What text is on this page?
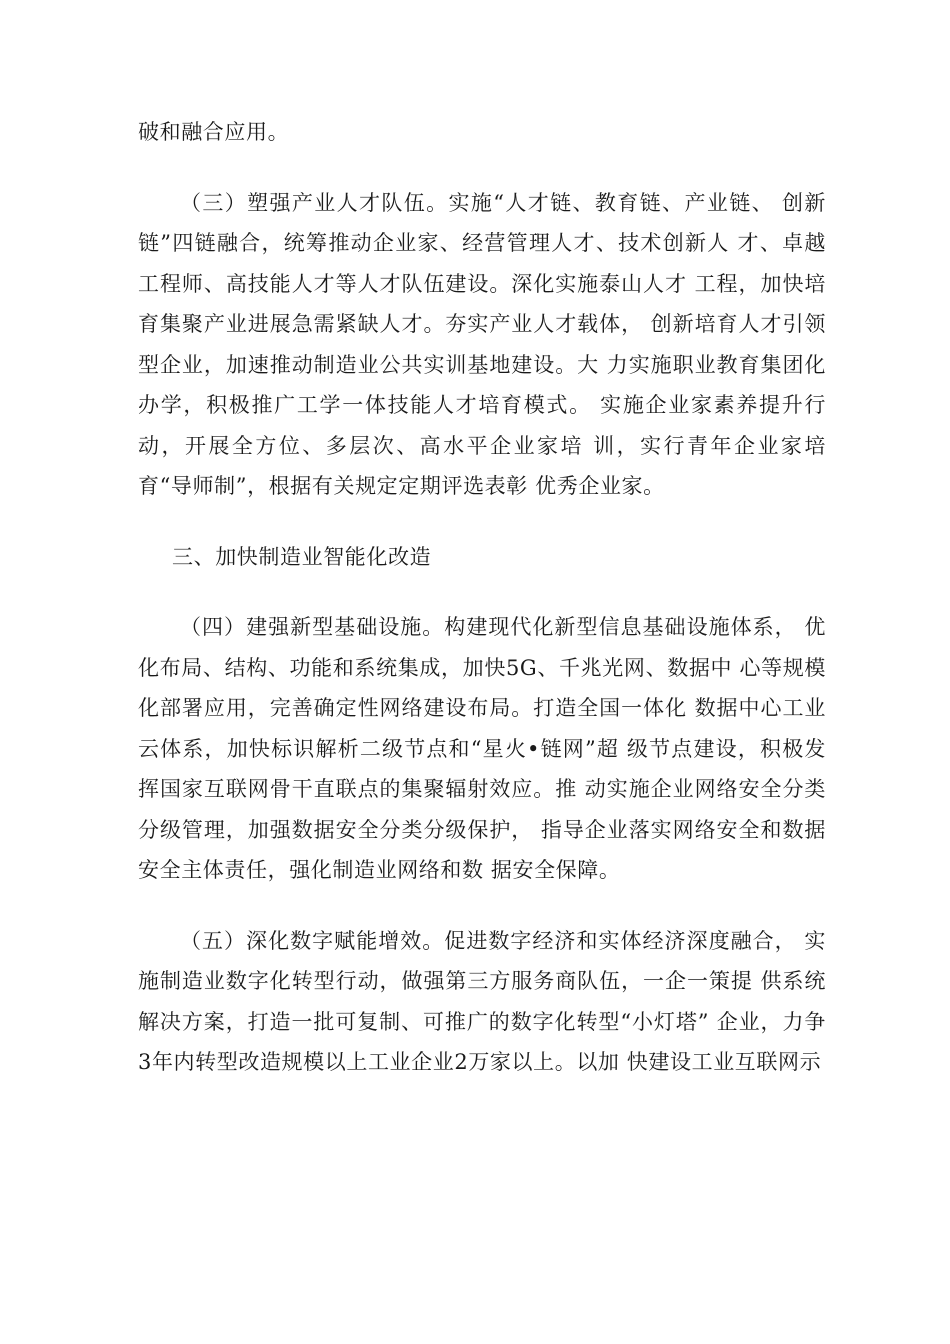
破和融合应用。

（三）塑强产业人才队伍。实施“人才链、教育链、产业链、 创新链”四链融合，统筹推动企业家、经营管理人才、技术创新人 才、卓越工程师、高技能人才等人才队伍建设。深化实施泰山人才 工程，加快培育集聚产业进展急需紧缺人才。夯实产业人才载体， 创新培育人才引领型企业，加速推动制造业公共实训基地建设。大 力实施职业教育集团化办学，积极推广工学一体技能人才培育模式。 实施企业家素养提升行动，开展全方位、多层次、高水平企业家培 训，实行青年企业家培育“导师制”，根据有关规定定期评选表彰 优秀企业家。

三、加快制造业智能化改造

（四）建强新型基础设施。构建现代化新型信息基础设施体系， 优化布局、结构、功能和系统集成，加快5G、千兆光网、数据中 心等规模化部署应用，完善确定性网络建设布局。打造全国一体化 数据中心工业云体系，加快标识解析二级节点和“星火•链网”超 级节点建设，积极发挥国家互联网骨干直联点的集聚辐射效应。推 动实施企业网络安全分类分级管理，加强数据安全分类分级保护， 指导企业落实网络安全和数据安全主体责任，强化制造业网络和数 据安全保障。

（五）深化数字赋能增效。促进数字经济和实体经济深度融合， 实施制造业数字化转型行动，做强第三方服务商队伍，一企一策提 供系统解决方案，打造一批可复制、可推广的数字化转型“小灯塔” 企业，力争3年内转型改造规模以上工业企业2万家以上。以加 快建设工业互联网示
